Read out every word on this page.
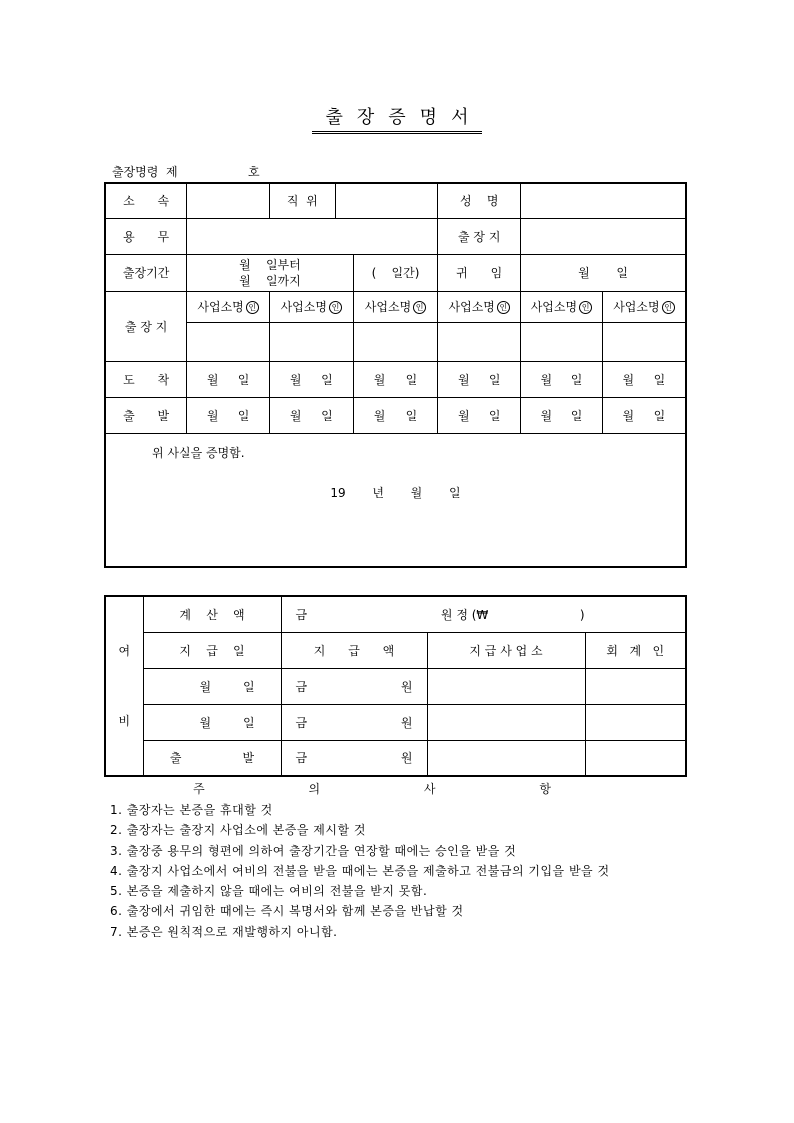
출장증명서
출장명령  제	호
소      속		직  위			성    명		
용      무					출 장 지		
출장기간	월    일부터
월    일까지			(    일간)	귀      임	월       일	
출 장 지	사업소명 인	사업소명 인		사업소명 인	사업소명 인	사업소명 인	사업소명 인

도      착	월 일	월 일		월 일	월 일	월 일	월 일

출      발	월 일	월 일		월 일	월 일	월 일	월 일

위 사실을 증명함.
19       년       월       일							
여
비	계    산    액	금 원 정 (₩                        )		
	지    급    일	지      급      액	지 급 사 업 소	회   계   인

	월 일	금 원		

	월 일	금 원		

	출                발	금 원		

주 의 사 항
1. 출장자는 본증을 휴대할 것
2. 출장자는 출장지 사업소에 본증을 제시할 것
3. 출장중 용무의 형편에 의하여 출장기간을 연장할 때에는 승인을 받을 것
4. 출장지 사업소에서 여비의 전불을 받을 때에는 본증을 제출하고 전불금의 기입을 받을 것
5. 본증을 제출하지 않을 때에는 여비의 전불을 받지 못함.
6. 출장에서 귀임한 때에는 즉시 복명서와 함께 본증을 반납할 것
7. 본증은 원칙적으로 재발행하지 아니함.
